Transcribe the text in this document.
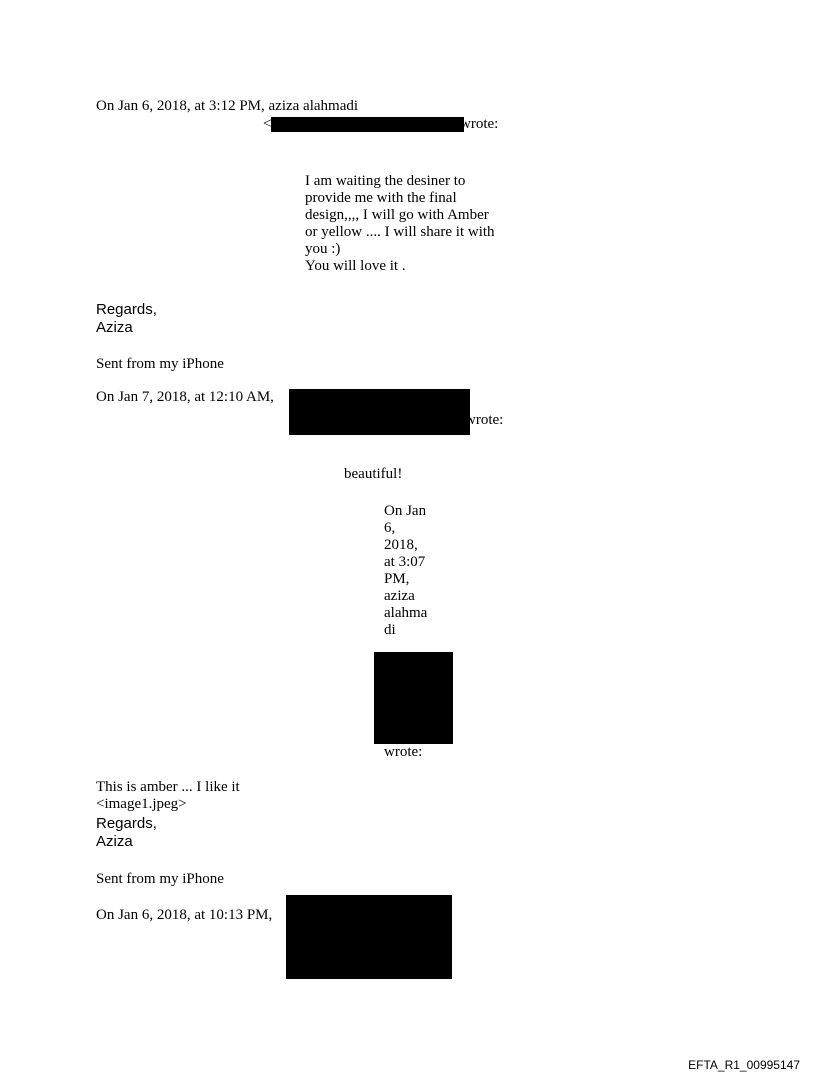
On Jan 6, 2018, at 3:12 PM, aziza alahmadi
<	wrote:
I am waiting the desiner to
provide me with the final
design,,,, I will go with Amber
or yellow .... I will share it with
you :)
You will love it .
Regards,
Aziza
Sent from my iPhone
On Jan 7, 2018, at 12:10 AM,
wrote:
beautiful!
On Jan
6,
2018,
at 3:07
PM,
aziza
alahma
di
wrote:
This is amber ... I like it
<image1.jpeg>
Regards,
Aziza
Sent from my iPhone
On Jan 6, 2018, at 10:13 PM,
EFTA_R1_00995147
